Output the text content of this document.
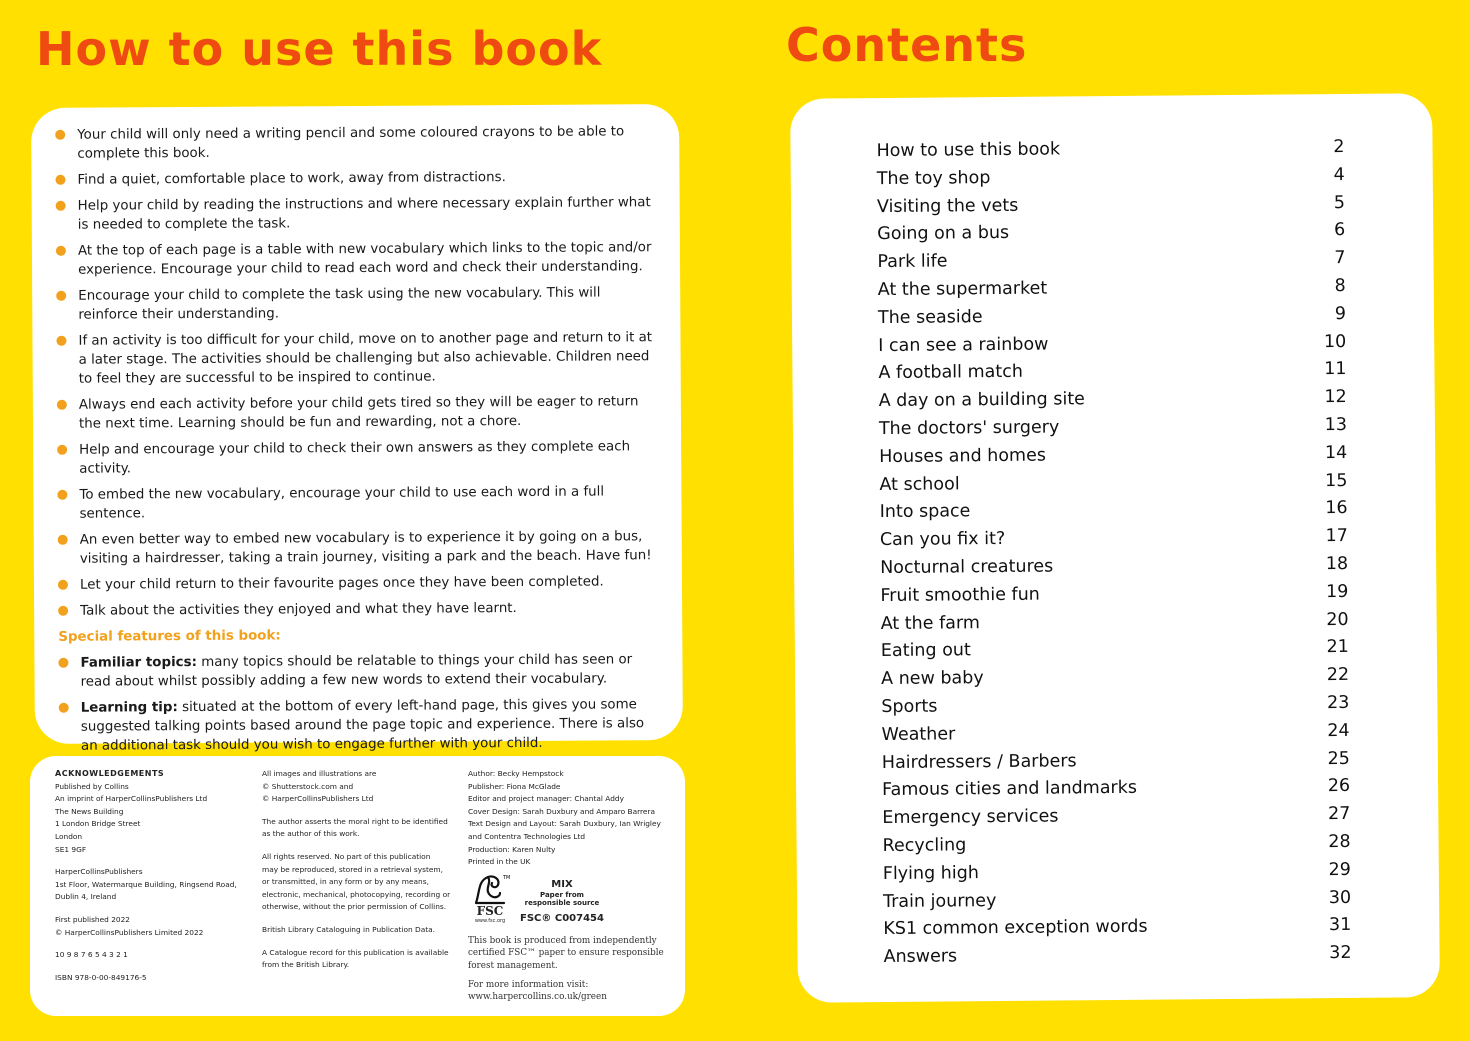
How to use this book	Contents
Your child will only need a writing pencil and some coloured crayons to be able to complete this book.
Find a quiet, comfortable place to work, away from distractions.
Help your child by reading the instructions and where necessary explain further what is needed to complete the task.
At the top of each page is a table with new vocabulary which links to the topic and/or experience. Encourage your child to read each word and check their understanding.
Encourage your child to complete the task using the new vocabulary. This will reinforce their understanding.
If an activity is too difficult for your child, move on to another page and return to it at a later stage. The activities should be challenging but also achievable. Children need to feel they are successful to be inspired to continue.
Always end each activity before your child gets tired so they will be eager to return the next time. Learning should be fun and rewarding, not a chore.
Help and encourage your child to check their own answers as they complete each activity.
To embed the new vocabulary, encourage your child to use each word in a full sentence.
An even better way to embed new vocabulary is to experience it by going on a bus, visiting a hairdresser, taking a train journey, visiting a park and the beach. Have fun!
Let your child return to their favourite pages once they have been completed.
Talk about the activities they enjoyed and what they have learnt.
Special features of this book:
Familiar topics: many topics should be relatable to things your child has seen or read about whilst possibly adding a few new words to extend their vocabulary.
Learning tip: situated at the bottom of every left-hand page, this gives you some suggested talking points based around the page topic and experience. There is also an additional task should you wish to engage further with your child.

ACKNOWLEDGEMENTS

Published by Collins
An imprint of HarperCollinsPublishers Ltd
The News Building
1 London Bridge Street
London
SE1 9GF
HarperCollinsPublishers
1st Floor, Watermarque Building, Ringsend Road,
Dublin 4, Ireland
First published 2022
© HarperCollinsPublishers Limited 2022

10 9 8 7 6 5 4 3 2 1

ISBN 978-0-00-849176-5

All images and illustrations are
© Shutterstock.com and
© HarperCollinsPublishers Ltd
The author asserts the moral right to be identified
as the author of this work.
All rights reserved. No part of this publication
may be reproduced, stored in a retrieval system,
or transmitted, in any form or by any means,
electronic, mechanical, photocopying, recording or
otherwise, without the prior permission of Collins.

British Library Cataloguing in Publication Data.

A Catalogue record for this publication is available
from the British Library.
Author: Becky Hempstock
Publisher: Fiona McGlade
Editor and project manager: Chantal Addy
Cover Design: Sarah Duxbury and Amparo Barrera
Text Design and Layout: Sarah Duxbury, Ian Wrigley
and Contentra Technologies Ltd
Production: Karen Nulty
Printed in the UK
TM
FSC
www.fsc.org
MIX
Paper from
responsible source
FSC® C007454
This book is produced from independently
certified FSC™ paper to ensure responsible
forest management.
For more information visit:
www.harpercollins.co.uk/green
How to use this book	2
The toy shop	4
Visiting the vets	5
Going on a bus	6
Park life	7
At the supermarket	8
The seaside	9
I can see a rainbow	10
A football match	11
A day on a building site	12
The doctors' surgery	13
Houses and homes	14
At school	15
Into space	16
Can you fix it?	17
Nocturnal creatures	18
Fruit smoothie fun	19
At the farm	20
Eating out	21
A new baby	22
Sports	23
Weather	24
Hairdressers / Barbers	25
Famous cities and landmarks	26
Emergency services	27
Recycling	28
Flying high	29
Train journey	30
KS1 common exception words	31
Answers	32
